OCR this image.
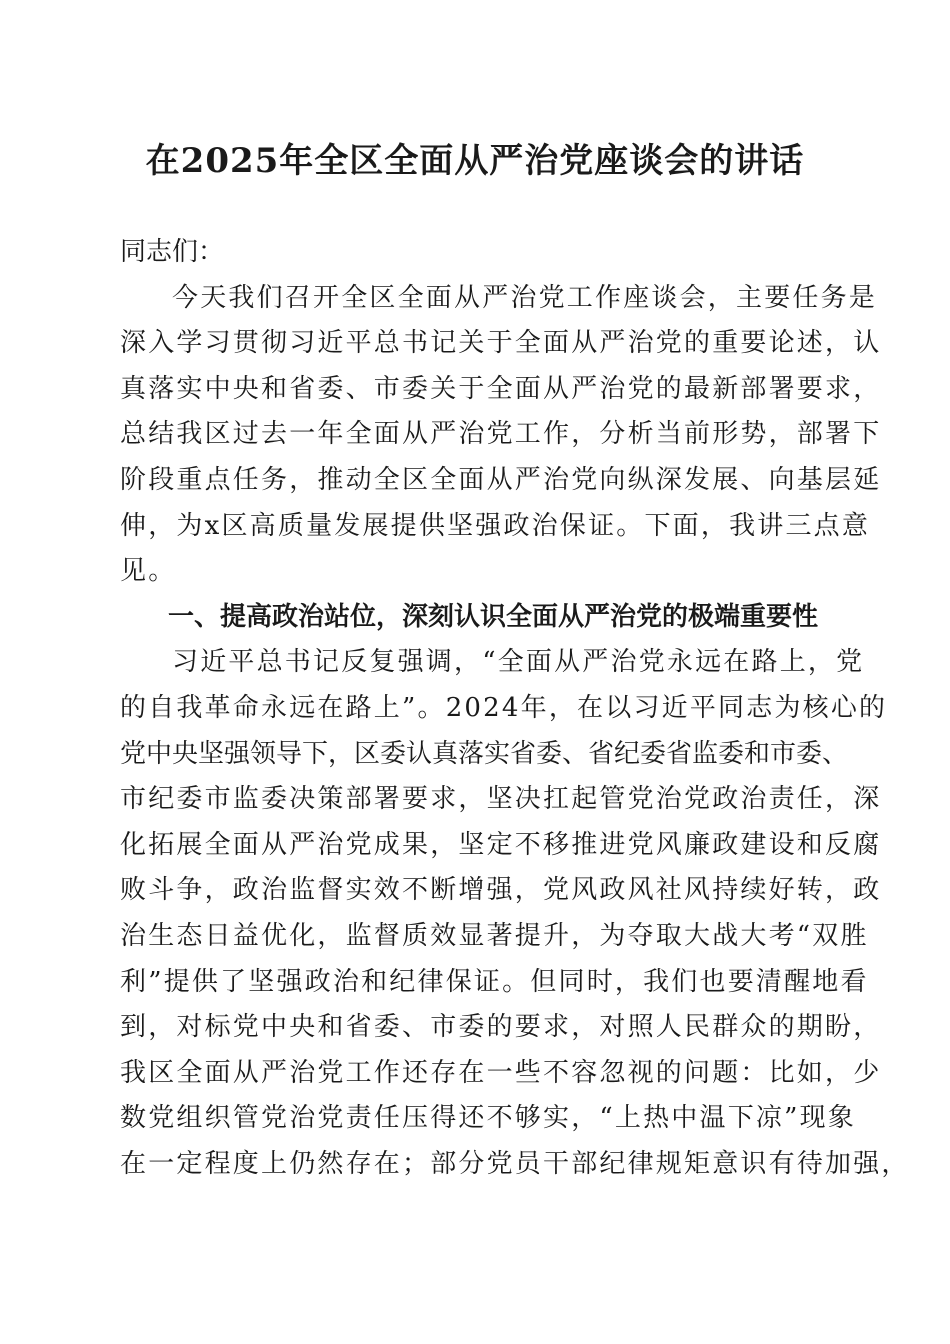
在2025年全区全面从严治党座谈会的讲话
同志们：
今天我们召开全区全面从严治党工作座谈会，主要任务是
深入学习贯彻习近平总书记关于全面从严治党的重要论述，认
真落实中央和省委、市委关于全面从严治党的最新部署要求，
总结我区过去一年全面从严治党工作，分析当前形势，部署下
阶段重点任务，推动全区全面从严治党向纵深发展、向基层延
伸，为x区高质量发展提供坚强政治保证。下面，我讲三点意
见。
一、提高政治站位，深刻认识全面从严治党的极端重要性
习近平总书记反复强调，“全面从严治党永远在路上，党
的自我革命永远在路上”。2024年，在以习近平同志为核心的
党中央坚强领导下，区委认真落实省委、省纪委省监委和市委、
市纪委市监委决策部署要求，坚决扛起管党治党政治责任，深
化拓展全面从严治党成果，坚定不移推进党风廉政建设和反腐
败斗争，政治监督实效不断增强，党风政风社风持续好转，政
治生态日益优化，监督质效显著提升，为夺取大战大考“双胜
利”提供了坚强政治和纪律保证。但同时，我们也要清醒地看
到，对标党中央和省委、市委的要求，对照人民群众的期盼，
我区全面从严治党工作还存在一些不容忽视的问题：比如，少
数党组织管党治党责任压得还不够实，“上热中温下凉”现象
在一定程度上仍然存在；部分党员干部纪律规矩意识有待加强，
